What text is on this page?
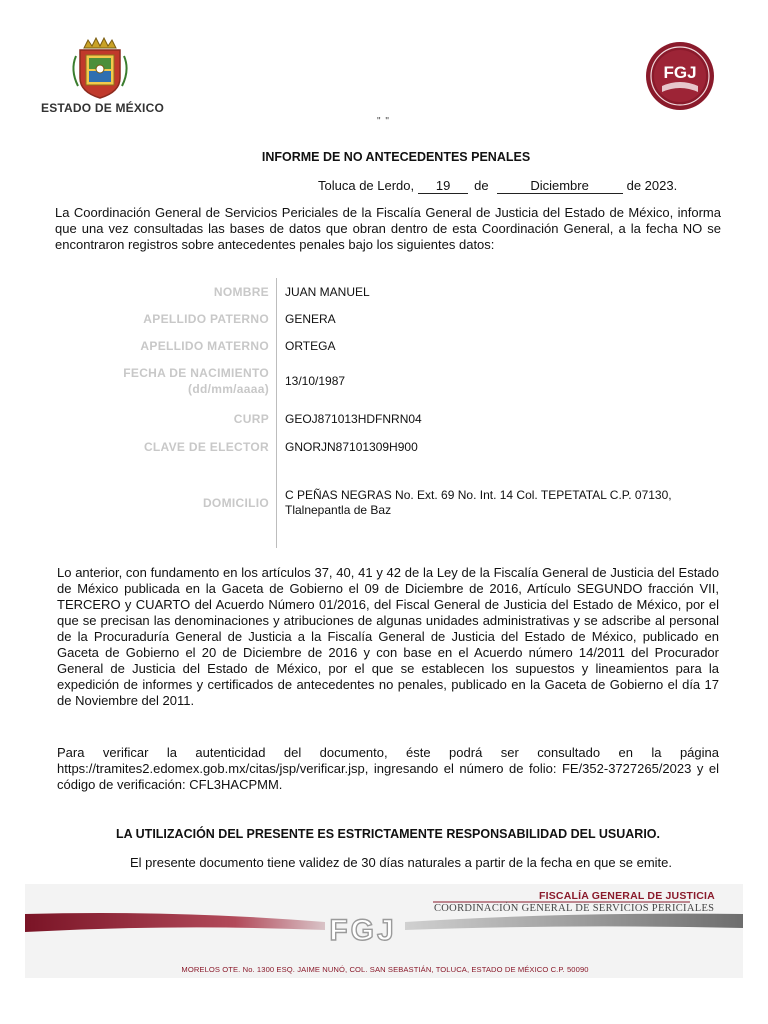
ESTADO DE MÉXICO
FGJ
" "
INFORME DE NO ANTECEDENTES PENALES
Toluca de Lerdo, 19 de	Diciembre	de 2023.
La Coordinación General de Servicios Periciales de la Fiscalía General de Justicia del Estado de México, informa que una vez consultadas las bases de datos que obran dentro de esta Coordinación General, a la fecha NO se encontraron registros sobre antecedentes penales bajo los siguientes datos:
NOMBRE JUAN MANUEL
APELLIDO PATERNO GENERA
APELLIDO MATERNO ORTEGA
FECHA DE NACIMIENTO
(dd/mm/aaaa)
13/10/1987
CURP GEOJ871013HDFNRN04
CLAVE DE ELECTOR GNORJN87101309H900
DOMICILIO
C PEÑAS NEGRAS No. Ext. 69 No. Int. 14 Col. TEPETATAL C.P. 07130, Tlalnepantla de Baz
Lo anterior, con fundamento en los artículos 37, 40, 41 y 42 de la Ley de la Fiscalía General de Justicia del Estado de México publicada en la Gaceta de Gobierno el 09 de Diciembre de 2016, Artículo SEGUNDO fracción VII, TERCERO y CUARTO del Acuerdo Número 01/2016, del Fiscal General de Justicia del Estado de México, por el que se precisan las denominaciones y atribuciones de algunas unidades administrativas y se adscribe al personal de la Procuraduría General de Justicia a la Fiscalía General de Justicia del Estado de México, publicado en Gaceta de Gobierno el 20 de Diciembre de 2016 y con base en el Acuerdo número 14/2011 del Procurador General de Justicia del Estado de México, por el que se establecen los supuestos y lineamientos para la expedición de informes y certificados de antecedentes no penales, publicado en la Gaceta de Gobierno el día 17 de Noviembre del 2011.
Para verificar la autenticidad del documento, éste podrá ser consultado en la página https://tramites2.edomex.gob.mx/citas/jsp/verificar.jsp, ingresando el número de folio: FE/352-3727265/2023 y el código de verificación: CFL3HACPMM.
LA UTILIZACIÓN DEL PRESENTE ES ESTRICTAMENTE RESPONSABILIDAD DEL USUARIO.
El presente documento tiene validez de 30 días naturales a partir de la fecha en que se emite.
FGJ
FISCALÍA GENERAL DE JUSTICIA
COORDINACIÓN GENERAL DE SERVICIOS PERICIALES
MORELOS OTE. No. 1300 ESQ. JAIME NUNÓ, COL. SAN SEBASTIÁN, TOLUCA, ESTADO DE MÉXICO C.P. 50090
